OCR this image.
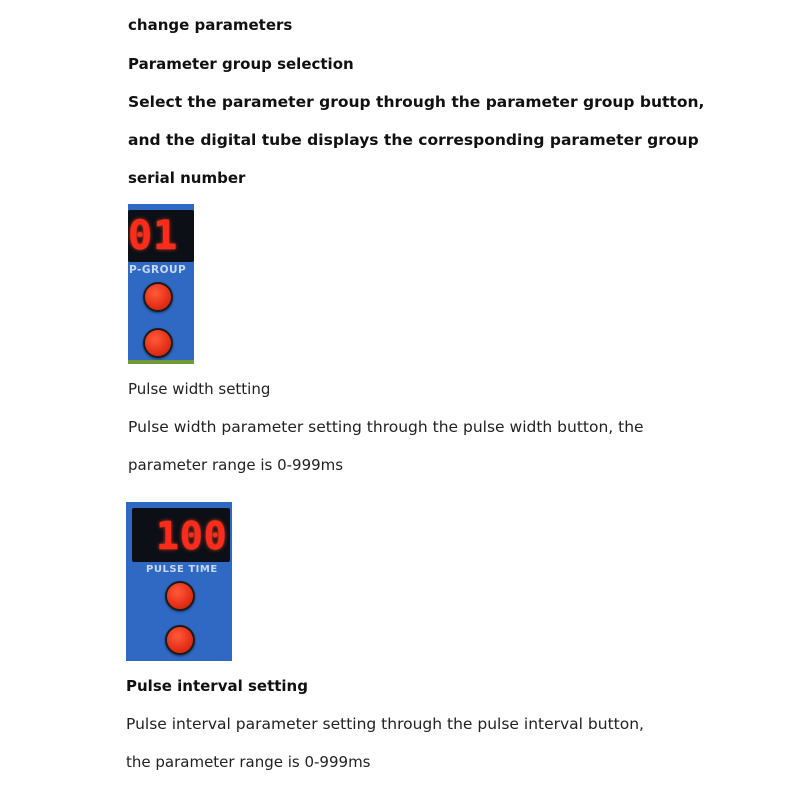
change parameters
Parameter group selection
Select the parameter group through the parameter group button,
and the digital tube displays the corresponding parameter group
serial number
01
P-GROUP
Pulse width setting
Pulse width parameter setting through the pulse width button, the
parameter range is 0-999ms
100
PULSE TIME
Pulse interval setting
Pulse interval parameter setting through the pulse interval button,
the parameter range is 0-999ms
